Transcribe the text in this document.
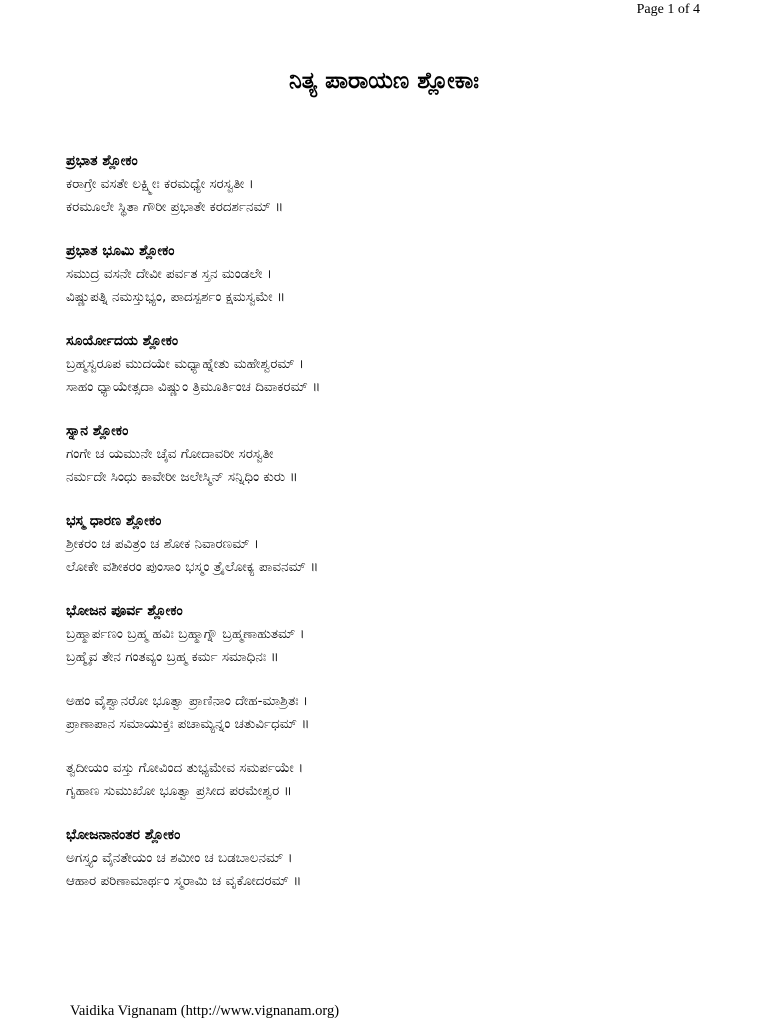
Page 1 of 4
ನಿತ್ಯ ಪಾರಾಯಣ ಶ್ಲೋಕಾಃ
ಪ್ರಭಾತ ಶ್ಲೋಕಂ
ಕರಾಗ್ರೇ ವಸತೇ ಲಕ್ಷ್ಮೀಃ ಕರಮಧ್ಯೇ ಸರಸ್ವತೀ ।
ಕರಮೂಲೇ ಸ್ಥಿತಾ ಗೌರೀ ಪ್ರಭಾತೇ ಕರದರ್ಶನಮ್ ॥
ಪ್ರಭಾತ ಭೂಮಿ ಶ್ಲೋಕಂ
ಸಮುದ್ರ ವಸನೇ ದೇವೀ ಪರ್ವತ ಸ್ತನ ಮಂಡಲೇ ।
ವಿಷ್ಣುಪತ್ನಿ ನಮಸ್ತುಭ್ಯಂ, ಪಾದಸ್ಪರ್ಶಂ ಕ್ಷಮಸ್ವಮೇ ॥
ಸೂರ್ಯೋದಯ ಶ್ಲೋಕಂ
ಬ್ರಹ್ಮಸ್ವರೂಪ ಮುದಯೇ ಮಧ್ಯಾಹ್ನೇತು ಮಹೇಶ್ವರಮ್ ।
ಸಾಹಂ ಧ್ಯಾಯೇತ್ಸದಾ ವಿಷ್ಣುಂ ತ್ರಿಮೂರ್ತಿಂಚ ದಿವಾಕರಮ್ ॥
ಸ್ನಾನ ಶ್ಲೋಕಂ
ಗಂಗೇ ಚ ಯಮುನೇ ಚೈವ ಗೋದಾವರೀ ಸರಸ್ವತೀ
ನರ್ಮದೇ ಸಿಂಧು ಕಾವೇರೀ ಜಲೇಸ್ಮಿನ್ ಸನ್ನಿಧಿಂ ಕುರು ॥
ಭಸ್ಮ ಧಾರಣ ಶ್ಲೋಕಂ
ಶ್ರೀಕರಂ ಚ ಪವಿತ್ರಂ ಚ ಶೋಕ ನಿವಾರಣಮ್ ।
ಲೋಕೇ ವಶೀಕರಂ ಪುಂಸಾಂ ಭಸ್ಮಂ ತ್ರೈಲೋಕ್ಯ ಪಾವನಮ್ ॥
ಭೋಜನ ಪೂರ್ವ ಶ್ಲೋಕಂ
ಬ್ರಹ್ಮಾರ್ಪಣಂ ಬ್ರಹ್ಮ ಹವಿಃ ಬ್ರಹ್ಮಾಗ್ನೌ ಬ್ರಹ್ಮಣಾಹುತಮ್ ।
ಬ್ರಹ್ಮೈವ ತೇನ ಗಂತವ್ಯಂ ಬ್ರಹ್ಮ ಕರ್ಮ ಸಮಾಧಿನಃ ॥
ಅಹಂ ವೈಶ್ವಾನರೋ ಭೂತ್ವಾ ಪ್ರಾಣಿನಾಂ ದೇಹ-ಮಾಶ್ರಿತಃ ।
ಪ್ರಾಣಾಪಾನ ಸಮಾಯುಕ್ತಃ ಪಚಾಮ್ಯನ್ನಂ ಚತುರ್ವಿಧಮ್ ॥
ತ್ವದೀಯಂ ವಸ್ತು ಗೋವಿಂದ ತುಭ್ಯಮೇವ ಸಮರ್ಪಯೇ ।
ಗೃಹಾಣ ಸುಮುಖೋ ಭೂತ್ವಾ ಪ್ರಸೀದ ಪರಮೇಶ್ವರ ॥
ಭೋಜನಾನಂತರ ಶ್ಲೋಕಂ
ಅಗಸ್ತ್ಯಂ ವೈನತೇಯಂ ಚ ಶಮೀಂ ಚ ಬಡಬಾಲನಮ್ ।
ಆಹಾರ ಪರಿಣಾಮಾರ್ಥಂ ಸ್ಮರಾಮಿ ಚ ವೃಕೋದರಮ್ ॥
Vaidika Vignanam (http://www.vignanam.org)
